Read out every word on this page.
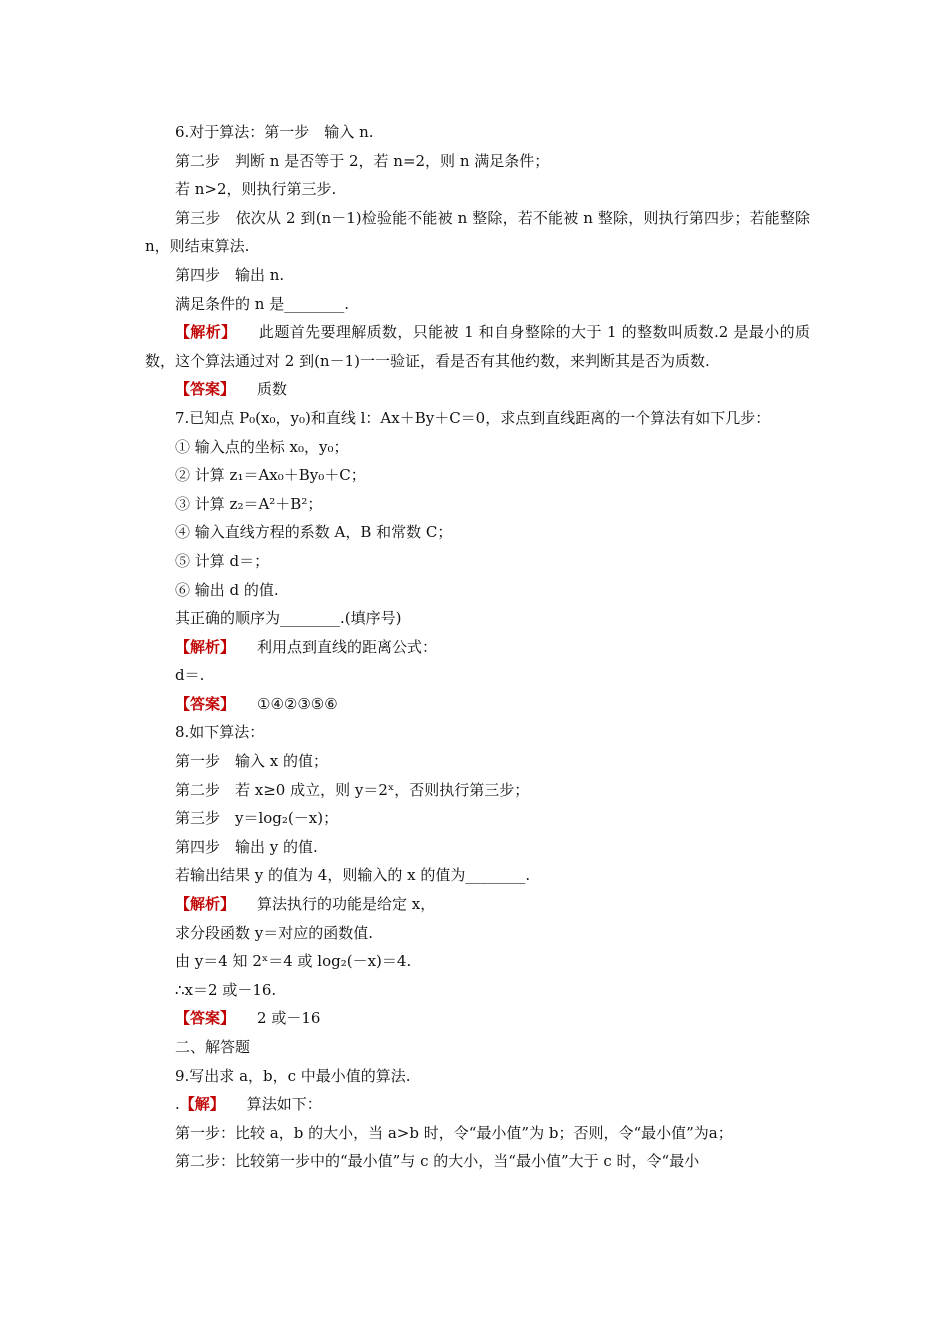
6.对于算法：第一步　输入 n.
第二步　判断 n 是否等于 2，若 n=2，则 n 满足条件；
若 n>2，则执行第三步.
第三步　依次从 2 到(n－1)检验能不能被 n 整除，若不能被 n 整除，则执行第四步；若能整除 n，则结束算法.
第四步　输出 n.
满足条件的 n 是________.
【解析】 此题首先要理解质数，只能被 1 和自身整除的大于 1 的整数叫质数.2 是最小的质数，这个算法通过对 2 到(n－1)一一验证，看是否有其他约数，来判断其是否为质数.
【答案】 质数
7.已知点 P₀(x₀，y₀)和直线 l：Ax＋By＋C＝0，求点到直线距离的一个算法有如下几步：
① 输入点的坐标 x₀，y₀；
② 计算 z₁＝Ax₀＋By₀＋C；
③ 计算 z₂＝A²＋B²；
④ 输入直线方程的系数 A，B 和常数 C；
⑤ 计算 d＝；
⑥ 输出 d 的值.
其正确的顺序为________.(填序号)
【解析】 利用点到直线的距离公式：
d＝.
【答案】 ①④②③⑤⑥
8.如下算法：
第一步　输入 x 的值；
第二步　若 x≥0 成立，则 y＝2ˣ，否则执行第三步；
第三步　y＝log₂(－x)；
第四步　输出 y 的值.
若输出结果 y 的值为 4，则输入的 x 的值为________.
【解析】 算法执行的功能是给定 x，
求分段函数 y＝对应的函数值.
由 y＝4 知 2ˣ＝4 或 log₂(－x)＝4.
∴x＝2 或－16.
【答案】 2 或－16
二、解答题
9.写出求 a，b，c 中最小值的算法.
.【解】 算法如下：
第一步：比较 a，b 的大小，当 a>b 时，令“最小值”为 b；否则，令“最小值”为a；
第二步：比较第一步中的“最小值”与 c 的大小，当“最小值”大于 c 时，令“最小
